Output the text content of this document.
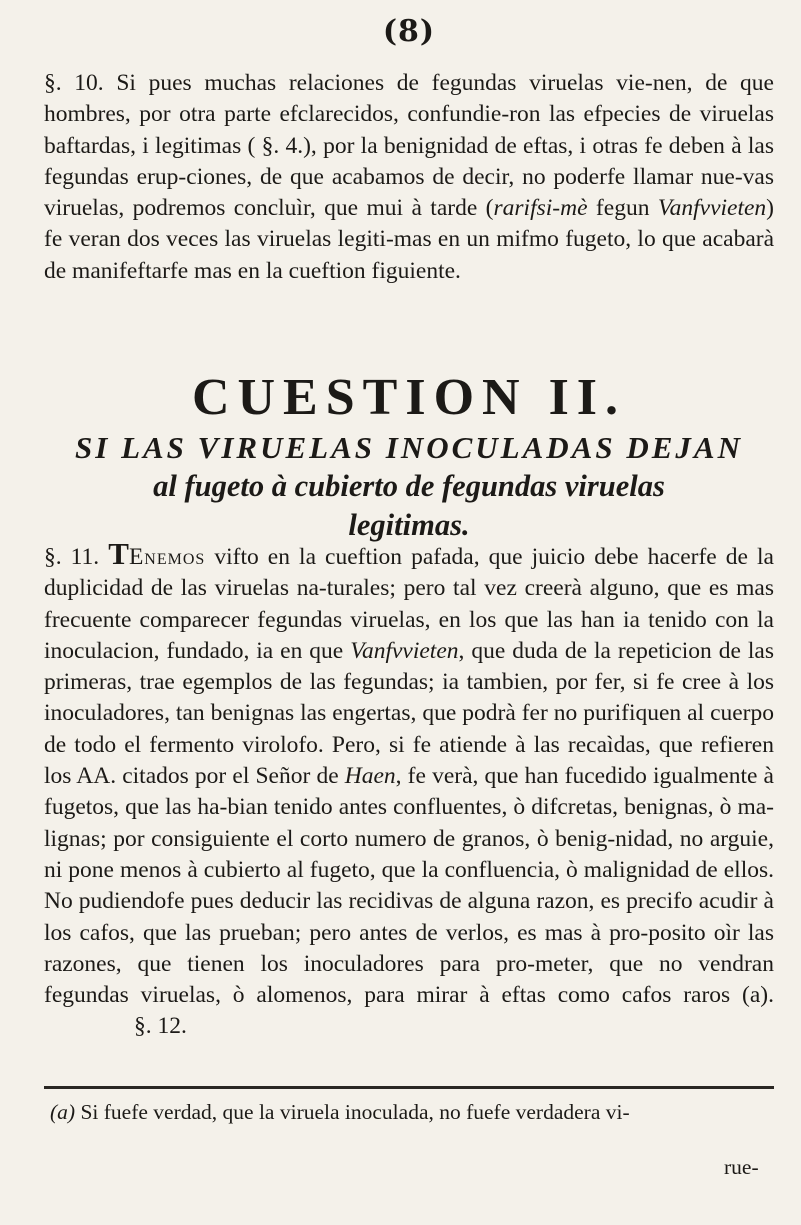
(8)

§. 10. Si pues muchas relaciones de fegundas viruelas vie-nen, de que hombres, por otra parte efclarecidos, confundie-ron las efpecies de viruelas baftardas, i legitimas ( §. 4.), por la benignidad de eftas, i otras fe deben à las fegundas erup-ciones, de que acabamos de decir, no poderfe llamar nue-vas viruelas, podremos concluìr, que mui à tarde (rarifsi-mè fegun Vanfvvieten) fe veran dos veces las viruelas legiti-mas en un mifmo fugeto, lo que acabarà de manifeftarfe mas en la cueftion figuiente.

CUESTION II.
SI LAS VIRUELAS INOCULADAS DEJAN
al fugeto à cubierto de fegundas viruelas
legitimas.

§. 11. TEnemos vifto en la cueftion pafada, que juicio debe hacerfe de la duplicidad de las viruelas na-turales; pero tal vez creerà alguno, que es mas frecuente comparecer fegundas viruelas, en los que las han ia tenido con la inoculacion, fundado, ia en que Vanfvvieten, que duda de la repeticion de las primeras, trae egemplos de las fegundas; ia tambien, por fer, si fe cree à los inoculadores, tan benignas las engertas, que podrà fer no purifiquen al cuerpo de todo el fermento virolofo. Pero, si fe atiende à las recaìdas, que refieren los AA. citados por el Señor de Haen, fe verà, que han fucedido igualmente à fugetos, que las ha-bian tenido antes confluentes, ò difcretas, benignas, ò ma-lignas; por consiguiente el corto numero de granos, ò benig-nidad, no arguie, ni pone menos à cubierto al fugeto, que la confluencia, ò malignidad de ellos. No pudiendofe pues deducir las recidivas de alguna razon, es precifo acudir à los cafos, que las prueban; pero antes de verlos, es mas à pro-posito oìr las razones, que tienen los inoculadores para pro-meter, que no vendran fegundas viruelas, ò alomenos, para mirar à eftas como cafos raros (a).§. 12.

(a) Si fuefe verdad, que la viruela inoculada, no fuefe verdadera vi-

rue-
